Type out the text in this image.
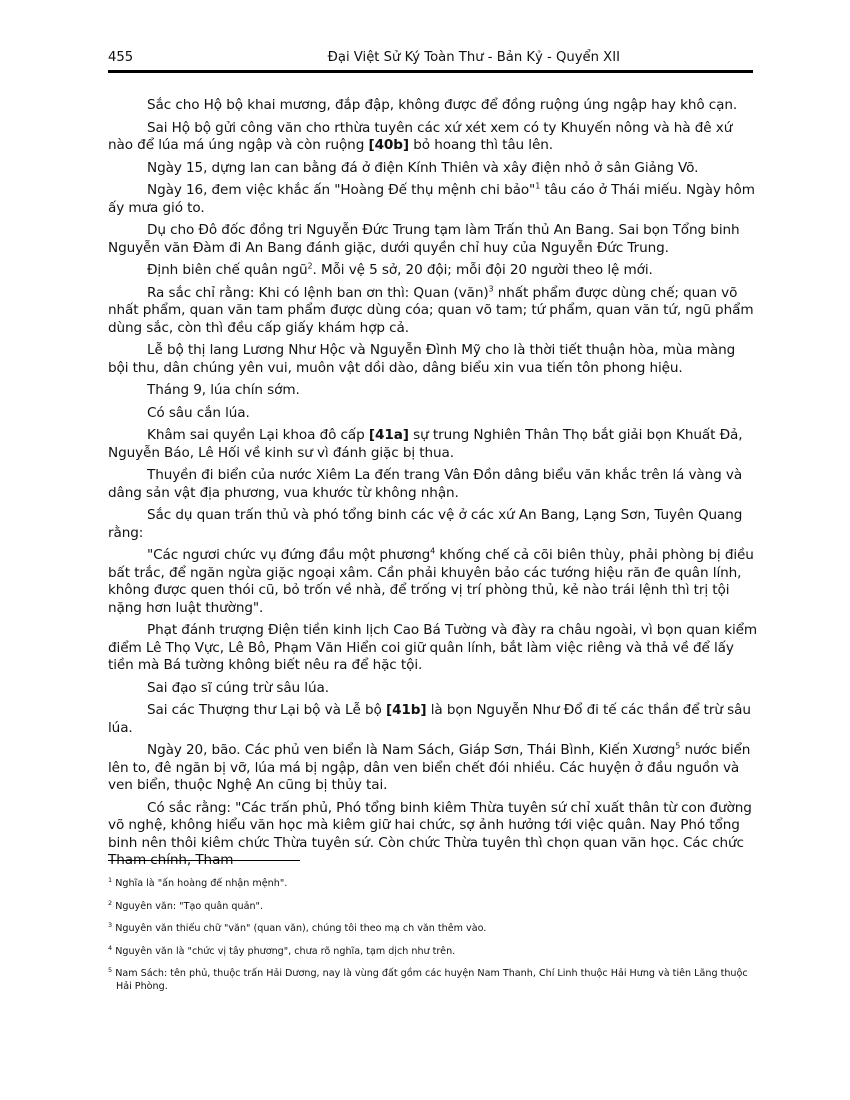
455	Đại Việt Sử Ký Toàn Thư - Bản Kỷ - Quyển XII

Sắc cho Hộ bộ khai mương, đắp đập, không được để đồng ruộng úng ngập hay khô cạn.

Sai Hộ bộ gửi công văn cho rthừa tuyên các xứ xét xem có ty Khuyến nông và hà đê xứ nào để lúa má úng ngập và còn ruộng [40b] bỏ hoang thì tâu lên.

Ngày 15, dựng lan can bằng đá ở điện Kính Thiên và xây điện nhỏ ở sân Giảng Võ.

Ngày 16, đem việc khắc ấn "Hoàng Đế thụ mệnh chi bảo"$^1$ tâu cáo ở Thái miếu. Ngày hôm ấy mưa gió to.

Dụ cho Đô đốc đồng tri Nguyễn Đức Trung tạm làm Trấn thủ An Bang. Sai bọn Tổng binh Nguyễn văn Đàm đi An Bang đánh giặc, dưới quyền chỉ huy của Nguyễn Đức Trung.

Định biên chế quân ngũ$^2$. Mỗi vệ 5 sở, 20 đội; mỗi đội 20 người theo lệ mới.

Ra sắc chỉ rằng: Khi có lệnh ban ơn thì: Quan (văn)$^3$ nhất phẩm được dùng chế; quan võ nhất phẩm, quan văn tam phẩm được dùng cóa; quan võ tam; tứ phẩm, quan văn tứ, ngũ phẩm dùng sắc, còn thì đều cấp giấy khám hợp cả.

Lễ bộ thị lang Lương Như Hộc và Nguyễn Đình Mỹ cho là thời tiết thuận hòa, mùa màng bội thu, dân chúng yên vui, muôn vật dồi dào, dâng biểu xin vua tiến tôn phong hiệu.

Tháng 9, lúa chín sớm.

Có sâu cắn lúa.

Khâm sai quyền Lại khoa đô cấp [41a] sự trung Nghiên Thân Thọ bắt giải bọn Khuất Đả, Nguyễn Báo, Lê Hối về kinh sư vì đánh giặc bị thua.

Thuyền đi biển của nước Xiêm La đến trang Vân Đồn dâng biểu văn khắc trên lá vàng và dâng sản vật địa phương, vua khước từ không nhận.

Sắc dụ quan trấn thủ và phó tổng binh các vệ ở các xứ An Bang, Lạng Sơn, Tuyên Quang rằng:

"Các ngươi chức vụ đứng đầu một phương$^4$ khống chế cả cõi biên thùy, phải phòng bị điều bất trắc, để ngăn ngừa giặc ngoại xâm. Cần phải khuyên bảo các tướng hiệu răn đe quân lính, không được quen thói cũ, bỏ trốn về nhà, để trống vị trí phòng thủ, kẻ nào trái lệnh thì trị tội nặng hơn luật thường".

Phạt đánh trượng Điện tiền kinh lịch Cao Bá Tường và đày ra châu ngoài, vì bọn quan kiểm điểm Lê Thọ Vực, Lê Bô, Phạm Văn Hiển coi giữ quân lính, bắt làm việc riêng và thả về để lấy tiền mà Bá tường không biết nêu ra để hặc tội.

Sai đạo sĩ cúng trừ sâu lúa.

Sai các Thượng thư Lại bộ và Lễ bộ [41b] là bọn Nguyễn Như Đổ đi tế các thần để trừ sâu lúa.

Ngày 20, bão. Các phủ ven biển là Nam Sách, Giáp Sơn, Thái Bình, Kiến Xương$^5$ nước biển lên to, đê ngăn bị vỡ, lúa má bị ngập, dân ven biển chết đói nhiều. Các huyện ở đầu nguồn và ven biển, thuộc Nghệ An cũng bị thủy tai.

Có sắc rằng: "Các trấn phủ, Phó tổng binh kiêm Thừa tuyên sứ chỉ xuất thân từ con đường võ nghệ, không hiểu văn học mà kiêm giữ hai chức, sợ ảnh hưởng tới việc quân. Nay Phó tổng binh nên thôi kiêm chức Thừa tuyên sứ. Còn chức Thừa tuyên thì chọn quan văn học. Các chức Tham chính, Tham

$^1$ Nghĩa là "ấn hoàng đế nhận mệnh".

$^2$ Nguyên văn: "Tạo quân quản".

$^3$ Nguyên văn thiếu chữ "văn" (quan văn), chúng tôi theo mạ ch văn thêm vào.

$^4$ Nguyên văn là "chức vị tây phương", chưa rõ nghĩa, tạm dịch như trên.

$^5$ Nam Sách: tên phủ, thuộc trấn Hải Dương, nay là vùng đất gồm các huyện Nam Thanh, Chí Linh thuộc Hải Hưng và tiên Lãng thuộc Hải Phòng.
